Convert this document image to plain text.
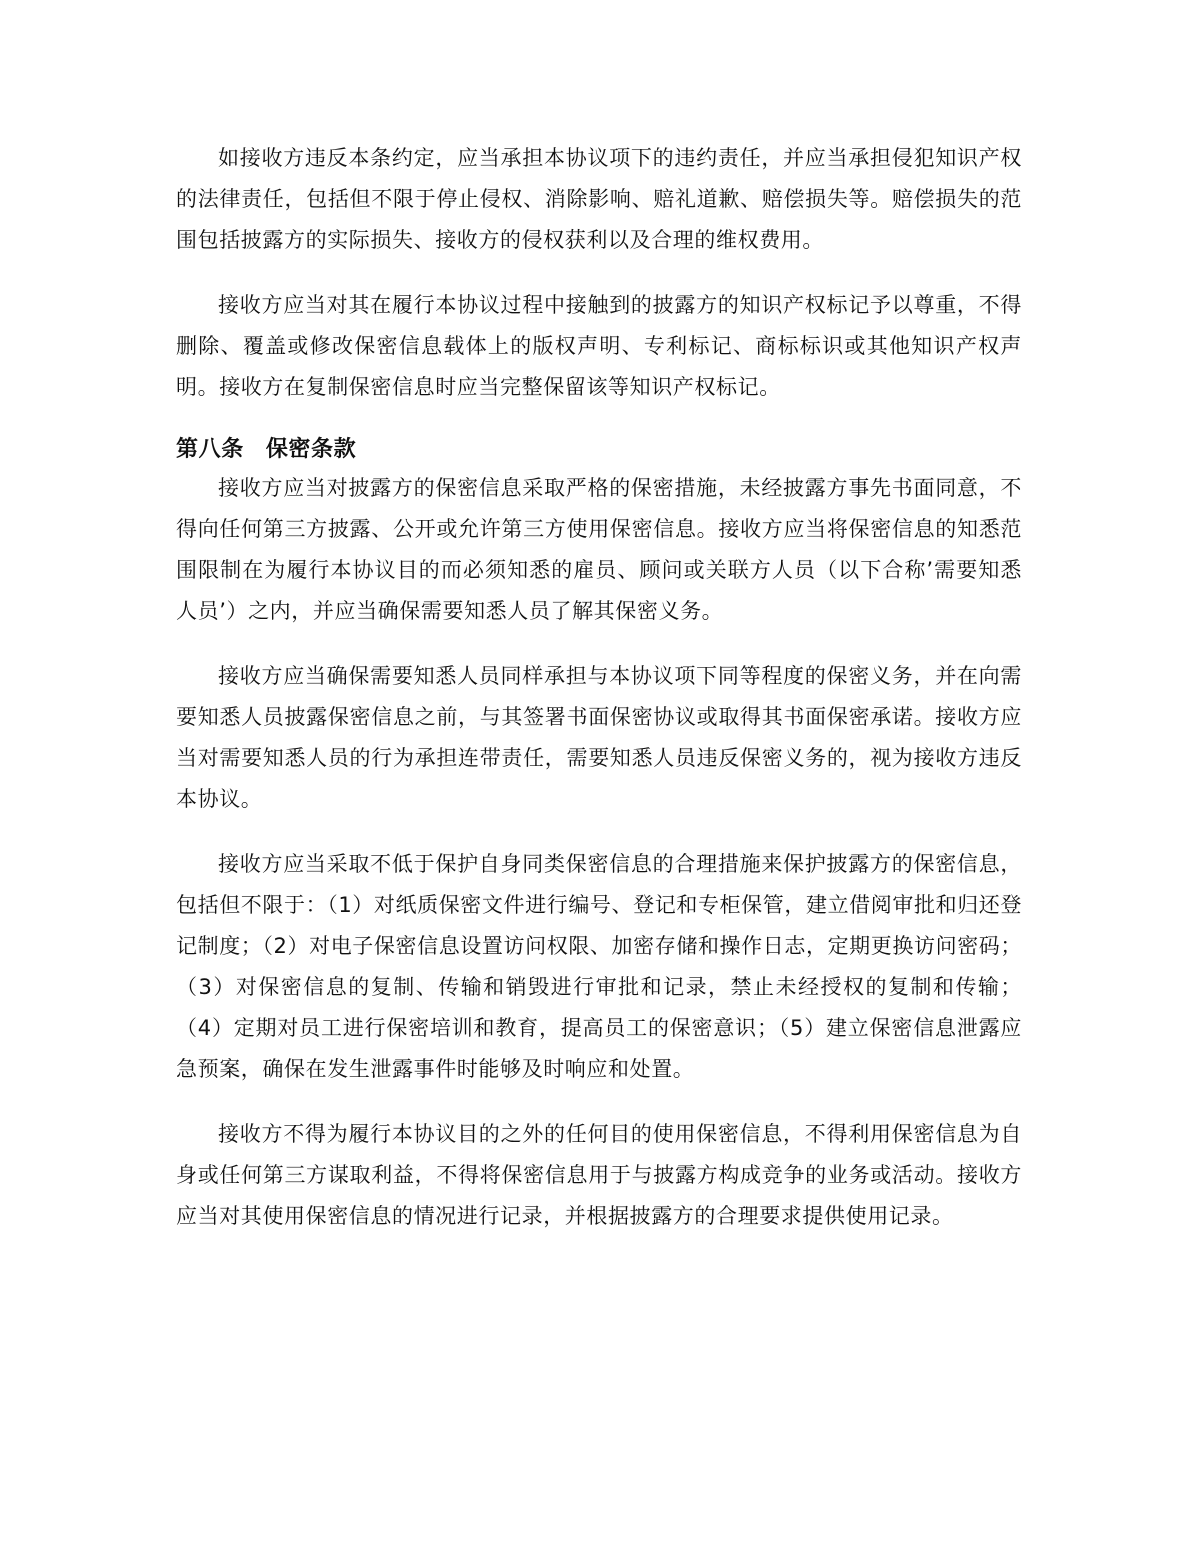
如接收方违反本条约定，应当承担本协议项下的违约责任，并应当承担侵犯知识产权的法律责任，包括但不限于停止侵权、消除影响、赔礼道歉、赔偿损失等。赔偿损失的范围包括披露方的实际损失、接收方的侵权获利以及合理的维权费用。

接收方应当对其在履行本协议过程中接触到的披露方的知识产权标记予以尊重，不得删除、覆盖或修改保密信息载体上的版权声明、专利标记、商标标识或其他知识产权声明。接收方在复制保密信息时应当完整保留该等知识产权标记。

第八条 保密条款

接收方应当对披露方的保密信息采取严格的保密措施，未经披露方事先书面同意，不得向任何第三方披露、公开或允许第三方使用保密信息。接收方应当将保密信息的知悉范围限制在为履行本协议目的而必须知悉的雇员、顾问或关联方人员（以下合称’需要知悉人员’）之内，并应当确保需要知悉人员了解其保密义务。

接收方应当确保需要知悉人员同样承担与本协议项下同等程度的保密义务，并在向需要知悉人员披露保密信息之前，与其签署书面保密协议或取得其书面保密承诺。接收方应当对需要知悉人员的行为承担连带责任，需要知悉人员违反保密义务的，视为接收方违反本协议。

接收方应当采取不低于保护自身同类保密信息的合理措施来保护披露方的保密信息，包括但不限于：（1）对纸质保密文件进行编号、登记和专柜保管，建立借阅审批和归还登记制度；（2）对电子保密信息设置访问权限、加密存储和操作日志，定期更换访问密码；（3）对保密信息的复制、传输和销毁进行审批和记录，禁止未经授权的复制和传输；（4）定期对员工进行保密培训和教育，提高员工的保密意识；（5）建立保密信息泄露应急预案，确保在发生泄露事件时能够及时响应和处置。

接收方不得为履行本协议目的之外的任何目的使用保密信息，不得利用保密信息为自身或任何第三方谋取利益，不得将保密信息用于与披露方构成竞争的业务或活动。接收方应当对其使用保密信息的情况进行记录，并根据披露方的合理要求提供使用记录。
